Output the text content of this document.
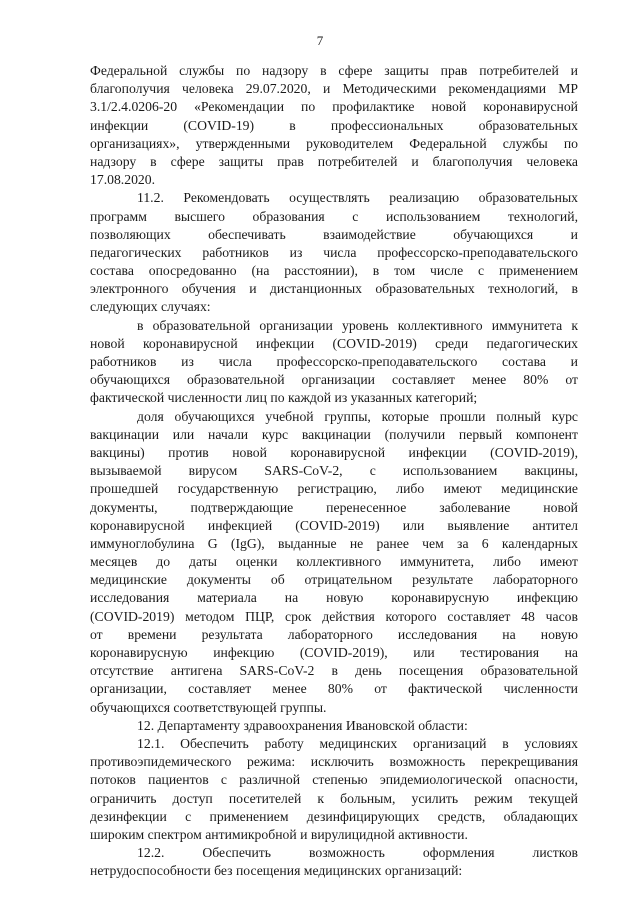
7
Федеральной службы по надзору в сфере защиты прав потребителей и
благополучия человека 29.07.2020, и Методическими рекомендациями МР
3.1/2.4.0206-20 «Рекомендации по профилактике новой коронавирусной
инфекции (COVID-19) в профессиональных образовательных
организациях», утвержденными руководителем Федеральной службы по
надзору в сфере защиты прав потребителей и благополучия человека
17.08.2020.
11.2. Рекомендовать осуществлять реализацию образовательных
программ высшего образования с использованием технологий,
позволяющих обеспечивать взаимодействие обучающихся и
педагогических работников из числа профессорско-преподавательского
состава опосредованно (на расстоянии), в том числе с применением
электронного обучения и дистанционных образовательных технологий, в
следующих случаях:
в образовательной организации уровень коллективного иммунитета к
новой коронавирусной инфекции (COVID-2019) среди педагогических
работников из числа профессорско-преподавательского состава и
обучающихся образовательной организации составляет менее 80% от
фактической численности лиц по каждой из указанных категорий;
доля обучающихся учебной группы, которые прошли полный курс
вакцинации или начали курс вакцинации (получили первый компонент
вакцины) против новой коронавирусной инфекции (COVID-2019),
вызываемой вирусом SARS-CoV-2, с использованием вакцины,
прошедшей государственную регистрацию, либо имеют медицинские
документы, подтверждающие перенесенное заболевание новой
коронавирусной инфекцией (COVID-2019) или выявление антител
иммуноглобулина G (IgG), выданные не ранее чем за 6 календарных
месяцев до даты оценки коллективного иммунитета, либо имеют
медицинские документы об отрицательном результате лабораторного
исследования материала на новую коронавирусную инфекцию
(COVID-2019) методом ПЦР, срок действия которого составляет 48 часов
от времени результата лабораторного исследования на новую
коронавирусную инфекцию (COVID-2019), или тестирования на
отсутствие антигена SARS-CoV-2 в день посещения образовательной
организации, составляет менее 80% от фактической численности
обучающихся соответствующей группы.
12. Департаменту здравоохранения Ивановской области:
12.1. Обеспечить работу медицинских организаций в условиях
противоэпидемического режима: исключить возможность перекрещивания
потоков пациентов с различной степенью эпидемиологической опасности,
ограничить доступ посетителей к больным, усилить режим текущей
дезинфекции с применением дезинфицирующих средств, обладающих
широким спектром антимикробной и вирулицидной активности.
12.2. Обеспечить возможность оформления листков
нетрудоспособности без посещения медицинских организаций:
